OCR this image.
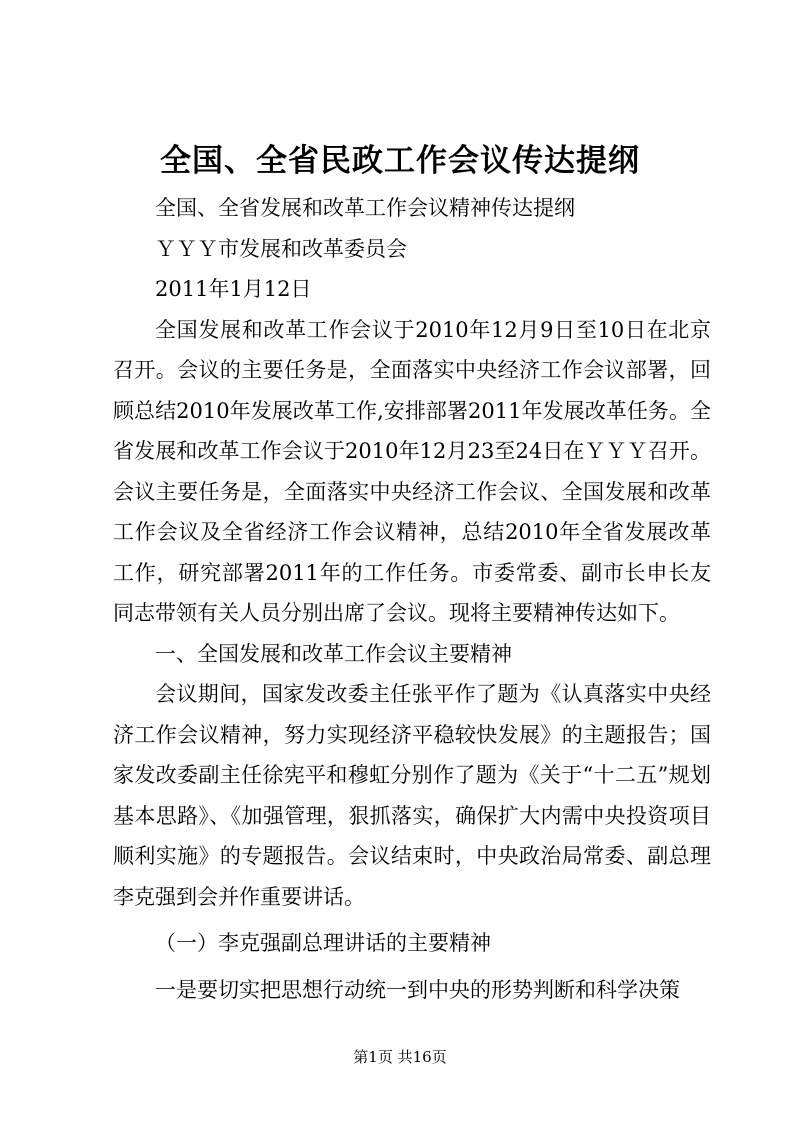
全国、全省民政工作会议传达提纲

全国、全省发展和改革工作会议精神传达提纲

ＹＹＹ市发展和改革委员会

2011年1月12日

全国发展和改革工作会议于2010年12月9日至10日在北京召开。会议的主要任务是，全面落实中央经济工作会议部署，回顾总结2010年发展改革工作,安排部署2011年发展改革任务。全省发展和改革工作会议于2010年12月23至24日在ＹＹＹ召开。会议主要任务是，全面落实中央经济工作会议、全国发展和改革工作会议及全省经济工作会议精神，总结2010年全省发展改革工作，研究部署2011年的工作任务。市委常委、副市长申长友同志带领有关人员分别出席了会议。现将主要精神传达如下。

一、全国发展和改革工作会议主要精神

会议期间，国家发改委主任张平作了题为《认真落实中央经济工作会议精神，努力实现经济平稳较快发展》的主题报告；国家发改委副主任徐宪平和穆虹分别作了题为《关于“十二五”规划基本思路》、《加强管理，狠抓落实，确保扩大内需中央投资项目顺利实施》的专题报告。会议结束时，中央政治局常委、副总理李克强到会并作重要讲话。

（一）李克强副总理讲话的主要精神

一是要切实把思想行动统一到中央的形势判断和科学决策

第1页 共16页
